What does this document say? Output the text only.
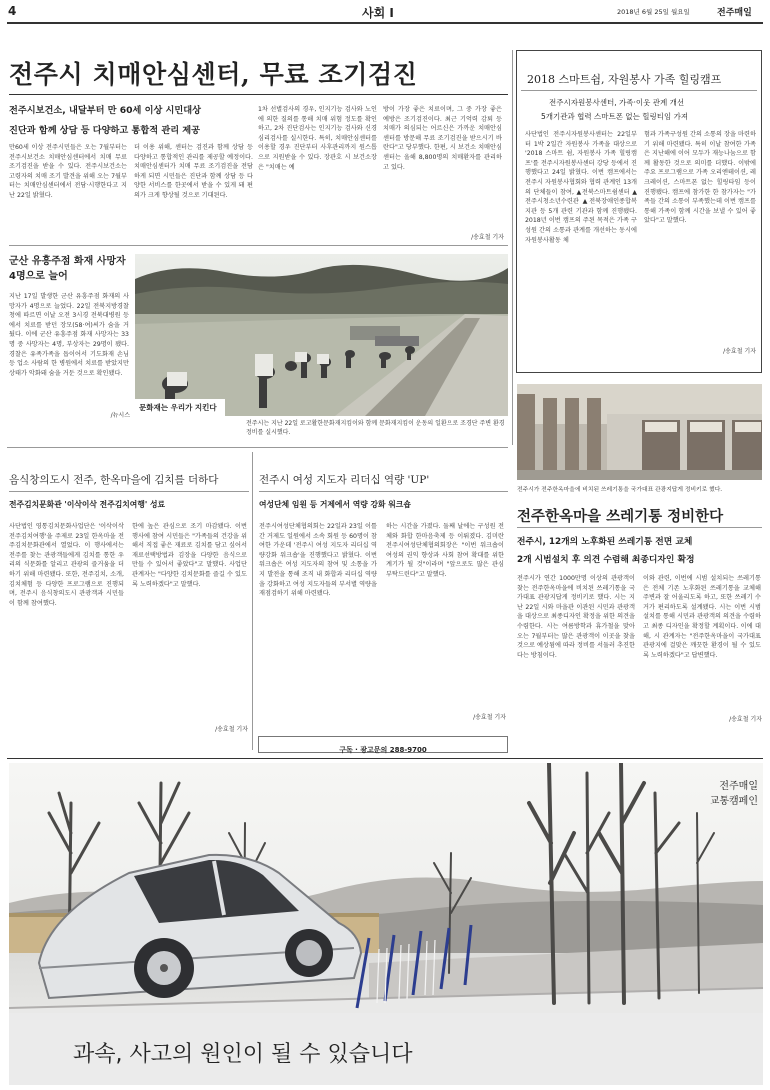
4	사회 I	2018년 6월 25일 월요일	전주매일
전주시 치매안심센터, 무료 조기검진
전주시보건소, 내달부터 만 60세 이상 시민대상
진단과 함께 상담 등 다양하고 통합적 관리 제공
만60세 이상 전주시민들은 오는 7월부터는 전주시보건소 치매안심센터에서 치매 무료 조기검진을 받을 수 있다. 전주시보건소는 고령자의 치매 조기 발견을 위해 오는 7월부터는 치매안심센터에서 전담·시행한다고 지난 22일 밝혔다.
더 이용 위해, 센터는 검진과 함께 상담 등 다양하고 통합적인 관리를 제공할 예정이다. 치매안심센터가 치매 무료 조기검진을 전담하게 되면 시민들은 진단과 함께 상담 등 다양한 서비스를 한곳에서 받을 수 있게 돼 편의가 크게 향상될 것으로 기대된다.
1차 선별검사의 경우, 인지기능 검사와 노인에 의한 질의를 통해 치매 위험 정도를 확인하고, 2차 진단검사는 인지기능 검사와 신경심리검사를 실시한다. 특히, 치매안심센터를 이용할 경우 진단부터 사후관리까지 원스톱으로 지원받을 수 있다. 장관호 시 보건소장은 "치매는 예
방이 가장 좋은 치료이며, 그 중 가장 좋은 예방은 조기검진이다. 최근 기억력 감퇴 등 치매가 의심되는 어르신은 가까운 치매안심센터를 방문해 무료 조기검진을 받으시기 바란다"고 당부했다. 한편, 시 보건소 치매안심센터는 올해 8,800명의 치매환자를 관리하고 있다.
/송효철 기자
군산 유흥주점 화재 사망자 4명으로 늘어
지난 17일 발생한 군산 유흥주점 화재의 사망자가 4명으로 늘었다. 22일 전북지방경찰청에 따르면 이날 오전 3시경 전북대병원 등에서 치료를 받던 장모(58·여)씨가 숨을 거뒀다. 이에 군산 유흥주점 화재 사망자는 33명 중 사망자는 4명, 부상자는 29명이 됐다. 경찰은 유족가족을 돕이어서 기도화재 손님등 업소 사람의 한 병원에서 치료를 받았지만 상태가 악화돼 숨을 거둔 것으로 확인됐다.
/뉴시스
문화재는 우리가 지킨다
전주시는 지난 22일 로고활한문화재지킴이와 함께 문화재지킴이 운동의 일환으로 조경단 주변 환경정비를 실시했다.
2018 스마트쉼, 자원봉사 가족 힐링캠프
전주시자원봉사센터, 가족·이웃 관계 개선
5개기관과 협력 스마트폰 없는 힐링티임 가져
사단법인 전주시자원봉사센터는 22일부터 1박 2일간 자원봉사 가족을 대상으로 '2018 스마트 쉼, 자원봉사 가족 힐링캠프'를 전주시자원봉사센터 강당 등에서 진행했다고 24일 밝혔다. 이번 캠프에서는 전주시 자원봉사협회와 협력 관계인 13개의 단체들이 참여, ▲전북스마트쉼센터 ▲전주시청소년수련관 ▲전북장애인종합복지관 등 5개 관련 기관과 함께 진행됐다. 2018년 이번 캠프의 주된 목적은 가족 구성원 간의 소통과 관계를 개선하는 동시에 자원봉사활동 체
험과 가족구성원 간의 소통의 장을 마련하기 위해 마련됐다. 특히 이날 참여한 가족은 지난해에 이어 모두가 재능나눔으로 함께 활동한 것으로 의미를 더했다. 이밖에 주요 프로그램으로 가족 오리엔테이션, 레크레이션, 스마트폰 없는 힐링타임 등이 진행됐다. 캠프에 참가한 한 참가자는 "가족들 간의 소통이 부족했는데 이번 캠프를 통해 가족이 함께 시간을 보낼 수 있어 좋았다"고 말했다.
/송효철 기자
전주시가 전주한옥마을에 비치된 쓰레기통을 국가대표 관광지답게 정비키로 했다.
전주한옥마을 쓰레기통 정비한다
전주시, 12개의 노후화된 쓰레기통 전면 교체
2개 시범설치 후 의견 수렴해 최종디자인 확정
전주시가 연간 1000만명 이상의 관광객이 찾는 전주한옥마을에 비치된 쓰레기통을 국가대표 관광지답게 정비키로 했다. 시는 지난 22일 시와 마을관 이관된 시민과 관광객을 대상으로 최종디자인 확정을 위한 의견을 수렴한다. 시는 여름방학과 휴가철을 맞아 오는 7월부터는 많은 관광객이 이곳을 찾을 것으로 예상됨에 따라 정비를 서둘러 추진한다는 방침이다.
이와 관련, 이번에 시범 설치되는 쓰레기통은 전체 기존 노후화된 쓰레기통을 교체해 주변과 잘 어울리도록 하고, 또한 쓰레기 수거가 편리하도록 설계됐다. 시는 이번 시범 설치를 통해 시민과 관광객의 의견을 수렴하고 최종 디자인을 확정할 계획이다. 이에 대해, 시 관계자는 "전주한옥마을이 국가대표 관광지에 걸맞은 깨끗한 환경이 될 수 있도록 노력하겠다"고 답변했다.
/송효철 기자
음식창의도시 전주, 한옥마을에 김치를 더하다
전주김치문화관 '이삭이삭 전주김치여행' 성료
사단법인 영통김치문화사업단은 '이삭이삭 전주김치여행'을 주제로 23일 한옥마을 전주김치문화관에서 열었다. 이 행사에서는 전주를 찾는 관광객들에게 김치를 통한 우리의 식문화를 알리고 관광의 즐거움을 더하기 위해 마련됐다. 또한, 전주김치, 소개, 김치체험 등 다양한 프로그램으로 진행되며, 전주시 음식창의도시 관광객과 시민들이 함께 참여했다.
한에 높은 관심으로 조기 마감됐다. 이번 행사에 참여 시민들은 "가족들의 건강을 위해서 직접 좋은 재료로 김치를 담고 싶어서 재료선택방법과 김장을 다양한 음식으로 만들 수 있어서 좋았다"고 말했다. 사업단 관계자는 "다양한 김치문화를 즐길 수 있도록 노력하겠다"고 말했다.
/송효철 기자
전주시 여성 지도자 리더십 역량 'UP'
여성단체 임원 등 거제에서 역량 강화 워크숍
전주시여성단체협의회는 22일과 23일 이틀간 거제도 일원에서 소속 회원 등 60명이 참여한 가운데 '전주시 여성 지도자 리더십 역량강화 워크숍'을 진행했다고 밝혔다. 이번 워크숍은 여성 지도자의 참여 및 소통을 가지 발전을 통해 조직 내 화합과 리더십 역량을 강화하고 여성 지도자들의 부서별 역량을 재점검하기 위해 마련됐다.
하는 시간을 가졌다. 둘째 날에는 구성원 전체와 화합 한마음축제 등 이뤄졌다. 김미란 전주시여성단체협의회장은 "이번 워크숍이 여성의 권익 향상과 사회 참여 확대를 위한 계기가 될 것"이라며 "앞으로도 많은 관심 부탁드린다"고 말했다.
/송효철 기자
구독 · 광고문의 288-9700
전주매일
교통캠페인
과속, 사고의 원인이 될 수 있습니다
